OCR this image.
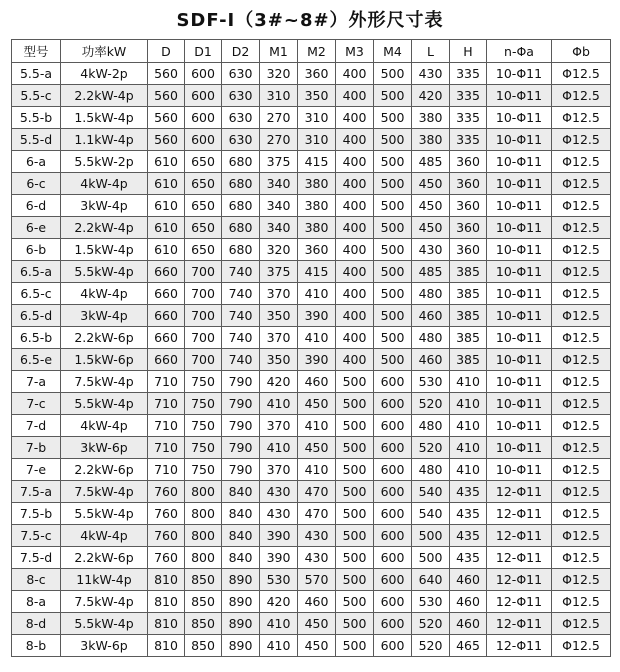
SDF-I（3#~8#）外形尺寸表
型号	功率kW	D	D1	D2	M1	M2	M3	M4	L	H	n-Φa	Φb
5.5-a	4kW-2p	560	600	630	320	360	400	500	430	335	10-Φ11	Φ12.5
5.5-c	2.2kW-4p	560	600	630	310	350	400	500	420	335	10-Φ11	Φ12.5
5.5-b	1.5kW-4p	560	600	630	270	310	400	500	380	335	10-Φ11	Φ12.5
5.5-d	1.1kW-4p	560	600	630	270	310	400	500	380	335	10-Φ11	Φ12.5
6-a	5.5kW-2p	610	650	680	375	415	400	500	485	360	10-Φ11	Φ12.5
6-c	4kW-4p	610	650	680	340	380	400	500	450	360	10-Φ11	Φ12.5
6-d	3kW-4p	610	650	680	340	380	400	500	450	360	10-Φ11	Φ12.5
6-e	2.2kW-4p	610	650	680	340	380	400	500	450	360	10-Φ11	Φ12.5
6-b	1.5kW-4p	610	650	680	320	360	400	500	430	360	10-Φ11	Φ12.5
6.5-a	5.5kW-4p	660	700	740	375	415	400	500	485	385	10-Φ11	Φ12.5
6.5-c	4kW-4p	660	700	740	370	410	400	500	480	385	10-Φ11	Φ12.5
6.5-d	3kW-4p	660	700	740	350	390	400	500	460	385	10-Φ11	Φ12.5
6.5-b	2.2kW-6p	660	700	740	370	410	400	500	480	385	10-Φ11	Φ12.5
6.5-e	1.5kW-6p	660	700	740	350	390	400	500	460	385	10-Φ11	Φ12.5
7-a	7.5kW-4p	710	750	790	420	460	500	600	530	410	10-Φ11	Φ12.5
7-c	5.5kW-4p	710	750	790	410	450	500	600	520	410	10-Φ11	Φ12.5
7-d	4kW-4p	710	750	790	370	410	500	600	480	410	10-Φ11	Φ12.5
7-b	3kW-6p	710	750	790	410	450	500	600	520	410	10-Φ11	Φ12.5
7-e	2.2kW-6p	710	750	790	370	410	500	600	480	410	10-Φ11	Φ12.5
7.5-a	7.5kW-4p	760	800	840	430	470	500	600	540	435	12-Φ11	Φ12.5
7.5-b	5.5kW-4p	760	800	840	430	470	500	600	540	435	12-Φ11	Φ12.5
7.5-c	4kW-4p	760	800	840	390	430	500	600	500	435	12-Φ11	Φ12.5
7.5-d	2.2kW-6p	760	800	840	390	430	500	600	500	435	12-Φ11	Φ12.5
8-c	11kW-4p	810	850	890	530	570	500	600	640	460	12-Φ11	Φ12.5
8-a	7.5kW-4p	810	850	890	420	460	500	600	530	460	12-Φ11	Φ12.5
8-d	5.5kW-4p	810	850	890	410	450	500	600	520	460	12-Φ11	Φ12.5
8-b	3kW-6p	810	850	890	410	450	500	600	520	465	12-Φ11	Φ12.5
